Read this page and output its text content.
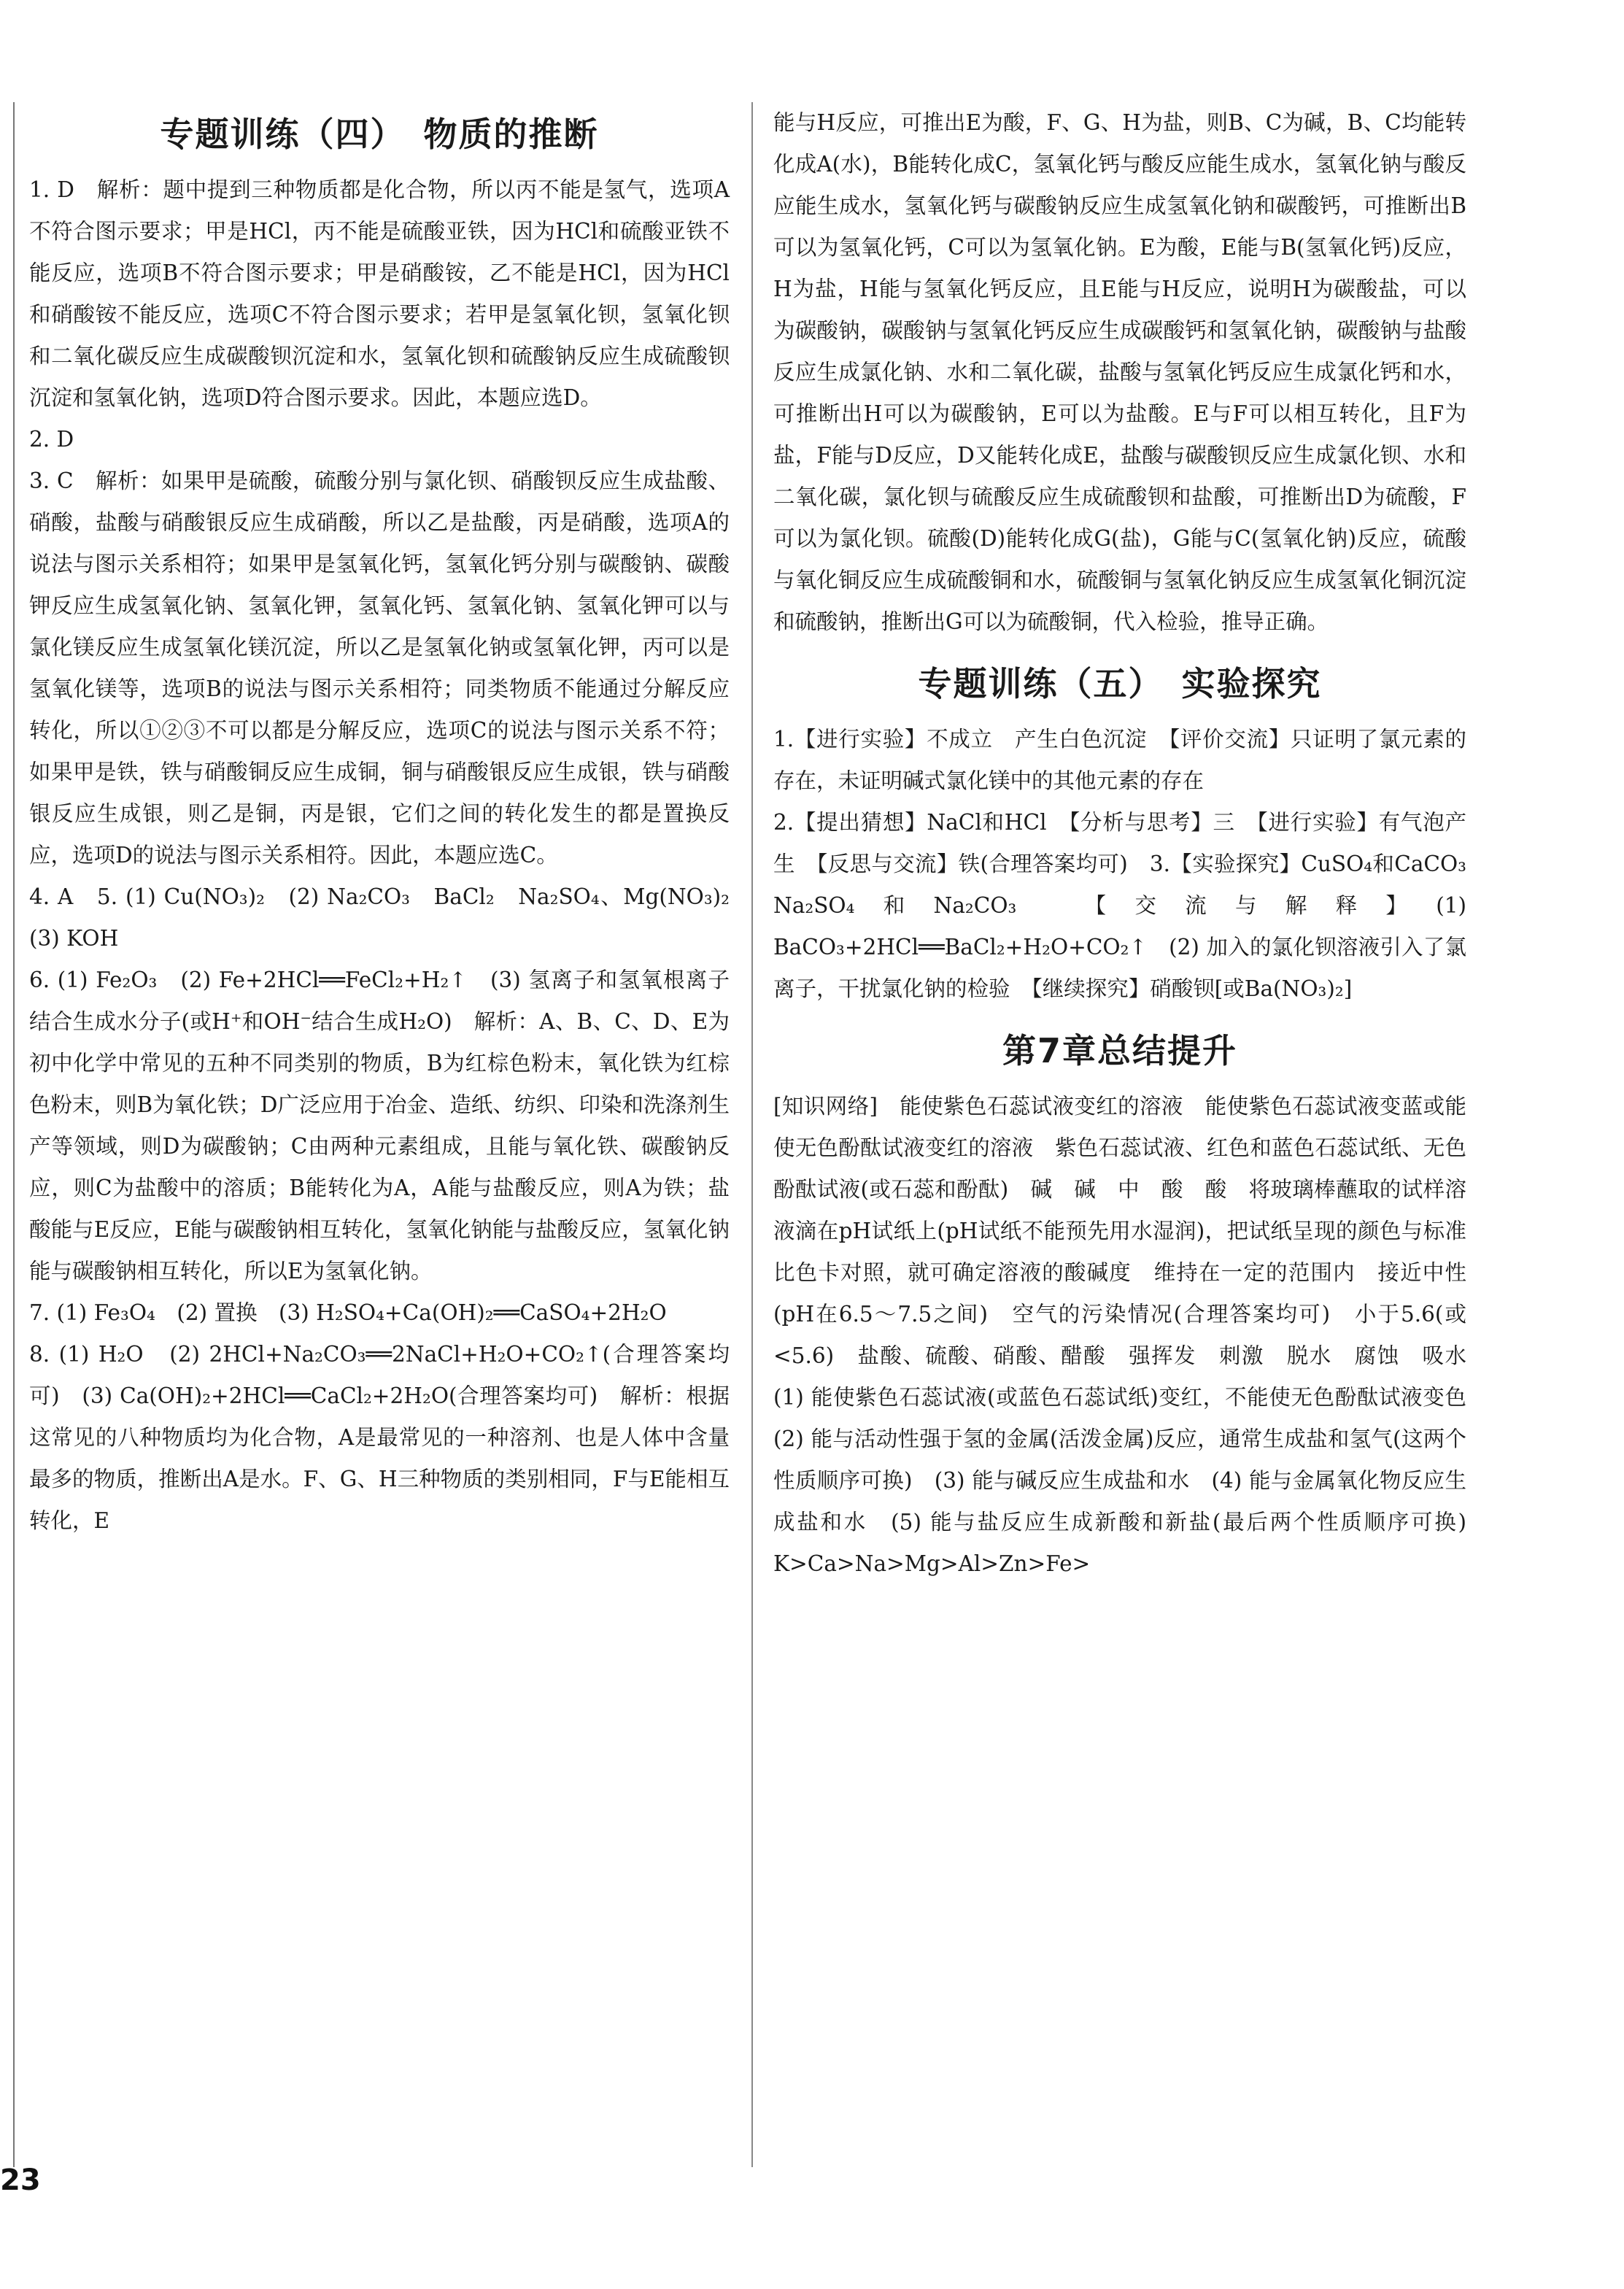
专题训练（四）　物质的推断

1. D　解析：题中提到三种物质都是化合物，所以丙不能是氢气，选项A不符合图示要求；甲是HCl，丙不能是硫酸亚铁，因为HCl和硫酸亚铁不能反应，选项B不符合图示要求；甲是硝酸铵，乙不能是HCl，因为HCl和硝酸铵不能反应，选项C不符合图示要求；若甲是氢氧化钡，氢氧化钡和二氧化碳反应生成碳酸钡沉淀和水，氢氧化钡和硫酸钠反应生成硫酸钡沉淀和氢氧化钠，选项D符合图示要求。因此，本题应选D。

2. D

3. C　解析：如果甲是硫酸，硫酸分别与氯化钡、硝酸钡反应生成盐酸、硝酸，盐酸与硝酸银反应生成硝酸，所以乙是盐酸，丙是硝酸，选项A的说法与图示关系相符；如果甲是氢氧化钙，氢氧化钙分别与碳酸钠、碳酸钾反应生成氢氧化钠、氢氧化钾，氢氧化钙、氢氧化钠、氢氧化钾可以与氯化镁反应生成氢氧化镁沉淀，所以乙是氢氧化钠或氢氧化钾，丙可以是氢氧化镁等，选项B的说法与图示关系相符；同类物质不能通过分解反应转化，所以①②③不可以都是分解反应，选项C的说法与图示关系不符；如果甲是铁，铁与硝酸铜反应生成铜，铜与硝酸银反应生成银，铁与硝酸银反应生成银，则乙是铜，丙是银，它们之间的转化发生的都是置换反应，选项D的说法与图示关系相符。因此，本题应选C。

4. A　5. (1) Cu(NO₃)₂　(2) Na₂CO₃　BaCl₂　Na₂SO₄、Mg(NO₃)₂　(3) KOH

6. (1) Fe₂O₃　(2) Fe+2HCl══FeCl₂+H₂↑　(3) 氢离子和氢氧根离子结合生成水分子(或H⁺和OH⁻结合生成H₂O)　解析：A、B、C、D、E为初中化学中常见的五种不同类别的物质，B为红棕色粉末，氧化铁为红棕色粉末，则B为氧化铁；D广泛应用于冶金、造纸、纺织、印染和洗涤剂生产等领域，则D为碳酸钠；C由两种元素组成，且能与氧化铁、碳酸钠反应，则C为盐酸中的溶质；B能转化为A，A能与盐酸反应，则A为铁；盐酸能与E反应，E能与碳酸钠相互转化，氢氧化钠能与盐酸反应，氢氧化钠能与碳酸钠相互转化，所以E为氢氧化钠。

7. (1) Fe₃O₄　(2) 置换　(3) H₂SO₄+Ca(OH)₂══CaSO₄+2H₂O

8. (1) H₂O　(2) 2HCl+Na₂CO₃══2NaCl+H₂O+CO₂↑(合理答案均可)　(3) Ca(OH)₂+2HCl══CaCl₂+2H₂O(合理答案均可)　解析：根据这常见的八种物质均为化合物，A是最常见的一种溶剂、也是人体中含量最多的物质，推断出A是水。F、G、H三种物质的类别相同，F与E能相互转化，E

能与H反应，可推出E为酸，F、G、H为盐，则B、C为碱，B、C均能转化成A(水)，B能转化成C，氢氧化钙与酸反应能生成水，氢氧化钠与酸反应能生成水，氢氧化钙与碳酸钠反应生成氢氧化钠和碳酸钙，可推断出B可以为氢氧化钙，C可以为氢氧化钠。E为酸，E能与B(氢氧化钙)反应，H为盐，H能与氢氧化钙反应，且E能与H反应，说明H为碳酸盐，可以为碳酸钠，碳酸钠与氢氧化钙反应生成碳酸钙和氢氧化钠，碳酸钠与盐酸反应生成氯化钠、水和二氧化碳，盐酸与氢氧化钙反应生成氯化钙和水，可推断出H可以为碳酸钠，E可以为盐酸。E与F可以相互转化，且F为盐，F能与D反应，D又能转化成E，盐酸与碳酸钡反应生成氯化钡、水和二氧化碳，氯化钡与硫酸反应生成硫酸钡和盐酸，可推断出D为硫酸，F可以为氯化钡。硫酸(D)能转化成G(盐)，G能与C(氢氧化钠)反应，硫酸与氧化铜反应生成硫酸铜和水，硫酸铜与氢氧化钠反应生成氢氧化铜沉淀和硫酸钠，推断出G可以为硫酸铜，代入检验，推导正确。

专题训练（五）　实验探究

1.【进行实验】不成立　产生白色沉淀　【评价交流】只证明了氯元素的存在，未证明碱式氯化镁中的其他元素的存在

2.【提出猜想】NaCl和HCl　【分析与思考】三　【进行实验】有气泡产生　【反思与交流】铁(合理答案均可)　3.【实验探究】CuSO₄和CaCO₃　Na₂SO₄和Na₂CO₃　【交流与解释】(1) BaCO₃+2HCl══BaCl₂+H₂O+CO₂↑　(2) 加入的氯化钡溶液引入了氯离子，干扰氯化钠的检验　【继续探究】硝酸钡[或Ba(NO₃)₂]

第7章总结提升

[知识网络]　能使紫色石蕊试液变红的溶液　能使紫色石蕊试液变蓝或能使无色酚酞试液变红的溶液　紫色石蕊试液、红色和蓝色石蕊试纸、无色酚酞试液(或石蕊和酚酞)　碱　碱　中　酸　酸　将玻璃棒蘸取的试样溶液滴在pH试纸上(pH试纸不能预先用水湿润)，把试纸呈现的颜色与标准比色卡对照，就可确定溶液的酸碱度　维持在一定的范围内　接近中性(pH在6.5～7.5之间)　空气的污染情况(合理答案均可)　小于5.6(或<5.6)　盐酸、硫酸、硝酸、醋酸　强挥发　刺激　脱水　腐蚀　吸水　(1) 能使紫色石蕊试液(或蓝色石蕊试纸)变红，不能使无色酚酞试液变色　(2) 能与活动性强于氢的金属(活泼金属)反应，通常生成盐和氢气(这两个性质顺序可换)　(3) 能与碱反应生成盐和水　(4) 能与金属氧化物反应生成盐和水　(5) 能与盐反应生成新酸和新盐(最后两个性质顺序可换)　K>Ca>Na>Mg>Al>Zn>Fe>

23
